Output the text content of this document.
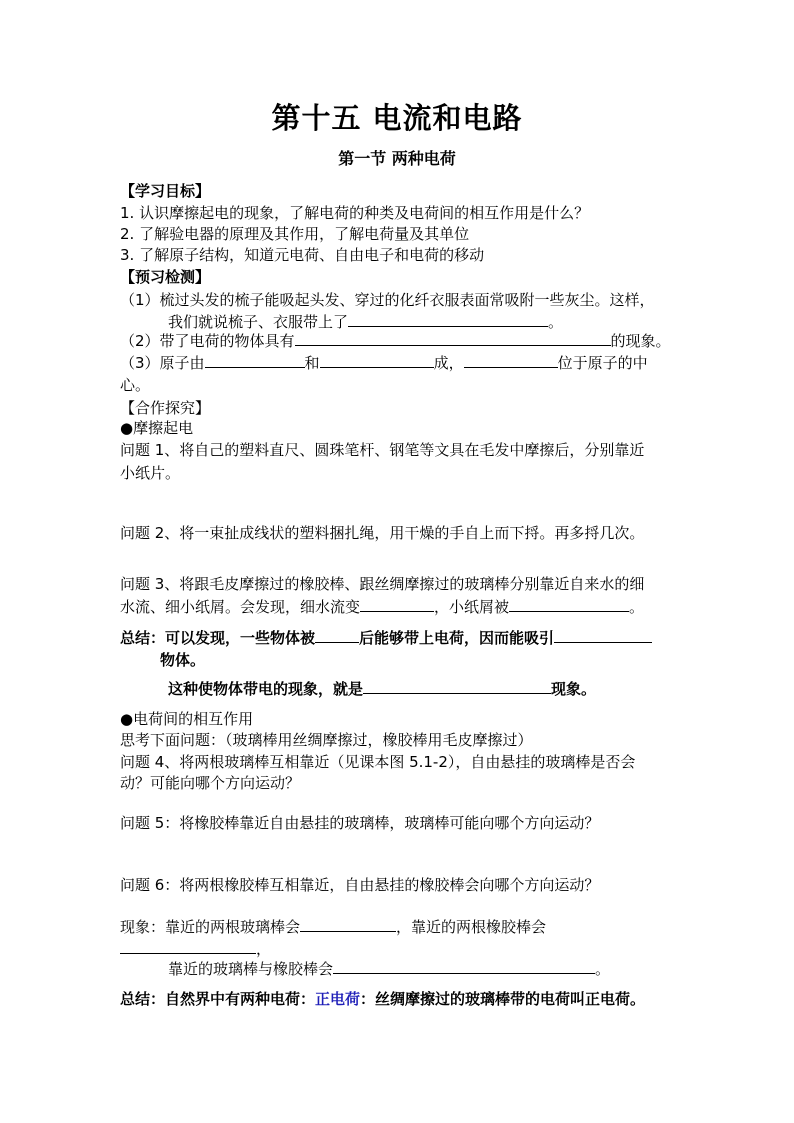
第十五 电流和电路
第一节 两种电荷
【学习目标】
1. 认识摩擦起电的现象，了解电荷的种类及电荷间的相互作用是什么？
2. 了解验电器的原理及其作用，了解电荷量及其单位
3. 了解原子结构，知道元电荷、自由电子和电荷的移动
【预习检测】
（1）梳过头发的梳子能吸起头发、穿过的化纤衣服表面常吸附一些灰尘。这样，
我们就说梳子、衣服带上了	。
（2）带了电荷的物体具有	的现象。
（3）原子由	和	成，	位于原子的中
心。
【合作探究】
●摩擦起电
问题 1、将自己的塑料直尺、圆珠笔杆、钢笔等文具在毛发中摩擦后，分别靠近
小纸片。
问题 2、将一束扯成线状的塑料捆扎绳，用干燥的手自上而下捋。再多捋几次。
问题 3、将跟毛皮摩擦过的橡胶棒、跟丝绸摩擦过的玻璃棒分别靠近自来水的细
水流、细小纸屑。会发现，细水流变	，小纸屑被	。
总结：可以发现，一些物体被	后能够带上电荷，因而能吸引
物体。
这种使物体带电的现象，就是	现象。
●电荷间的相互作用
思考下面问题：（玻璃棒用丝绸摩擦过，橡胶棒用毛皮摩擦过）
问题 4、将两根玻璃棒互相靠近（见课本图 5.1-2），自由悬挂的玻璃棒是否会
动？可能向哪个方向运动？
问题 5：将橡胶棒靠近自由悬挂的玻璃棒，玻璃棒可能向哪个方向运动？
问题 6：将两根橡胶棒互相靠近，自由悬挂的橡胶棒会向哪个方向运动？
现象：靠近的两根玻璃棒会	，靠近的两根橡胶棒会
，
靠近的玻璃棒与橡胶棒会	。
总结：自然界中有两种电荷：正电荷：丝绸摩擦过的玻璃棒带的电荷叫正电荷。
